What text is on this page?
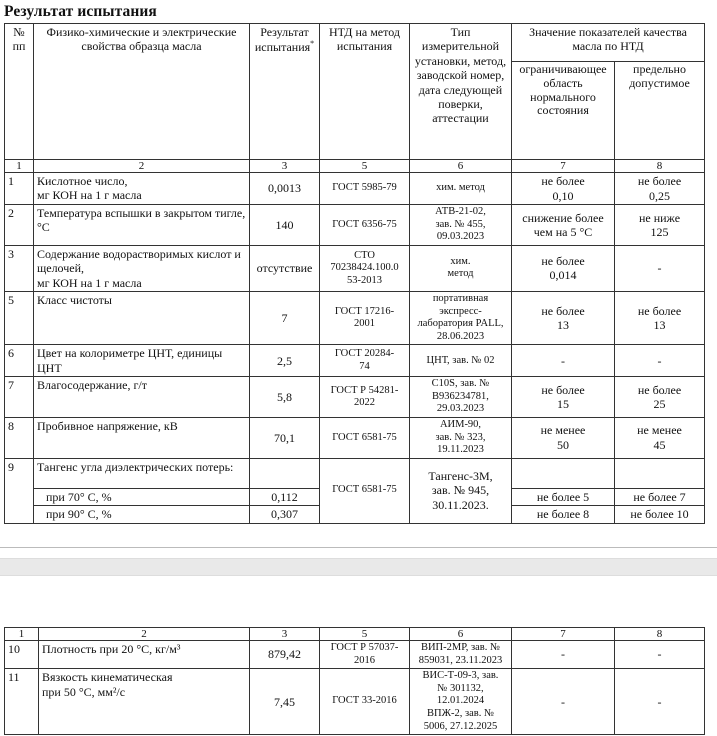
Результат испытания
№ пп	Физико-химические и электрические свойства образца масла	Результат испытания*	НТД на метод испытания	Тип измерительной установки, метод, заводской номер, дата следующей поверки, аттестации	Значение показателей качества масла по НТД	
					ограничивающее область нормального состояния	предельно допустимое
1	2	3	5	6	7	8
1	Кислотное число,
мг КОН на 1 г масла	0,0013	ГОСТ 5985-79	хим. метод	не более
0,10	не более
0,25
2	Температура вспышки в закрытом тигле, °С	140	ГОСТ 6356-75	АТВ-21-02,
зав. № 455,
09.03.2023	снижение более
чем на 5 °С	не ниже
125
3	Содержание водорастворимых кислот и щелочей,
мг КОН на 1 г масла	отсутствие	СТО
70238424.100.0
53-2013	хим.
метод	не более
0,014	-
5	Класс чистоты	7	ГОСТ 17216-
2001	портативная
экспресс-
лаборатория PALL,
28.06.2023	не более
13	не более
13
6	Цвет на колориметре ЦНТ, единицы ЦНТ	2,5	ГОСТ 20284-
74	ЦНТ, зав. № 02	-	-
7	Влагосодержание, г/т	5,8	ГОСТ Р 54281-
2022	C10S, зав. №
B936234781,
29.03.2023	не более
15	не более
25
8	Пробивное напряжение, кВ	70,1	ГОСТ 6581-75	АИМ-90,
зав. № 323,
19.11.2023	не менее
50	не менее
45
9	Тангенс угла диэлектрических потерь:		ГОСТ 6581-75	Тангенс-3М,
зав. № 945,
30.11.2023.		
	при 70° С, %	0,112			не более 5	не более 7
	при 90° С, %	0,307			не более 8	не более 10
1	2	3	5	6	7	8
10	Плотность при 20 °С, кг/м³	879,42	ГОСТ Р 57037-
2016	ВИП-2МР, зав. №
859031, 23.11.2023	-	-
11	Вязкость кинематическая
при 50 °С, мм²/с	7,45	ГОСТ 33-2016	ВИС-Т-09-3, зав.
№ 301132,
12.01.2024
ВПЖ-2, зав. №
5006, 27.12.2025	-	-
